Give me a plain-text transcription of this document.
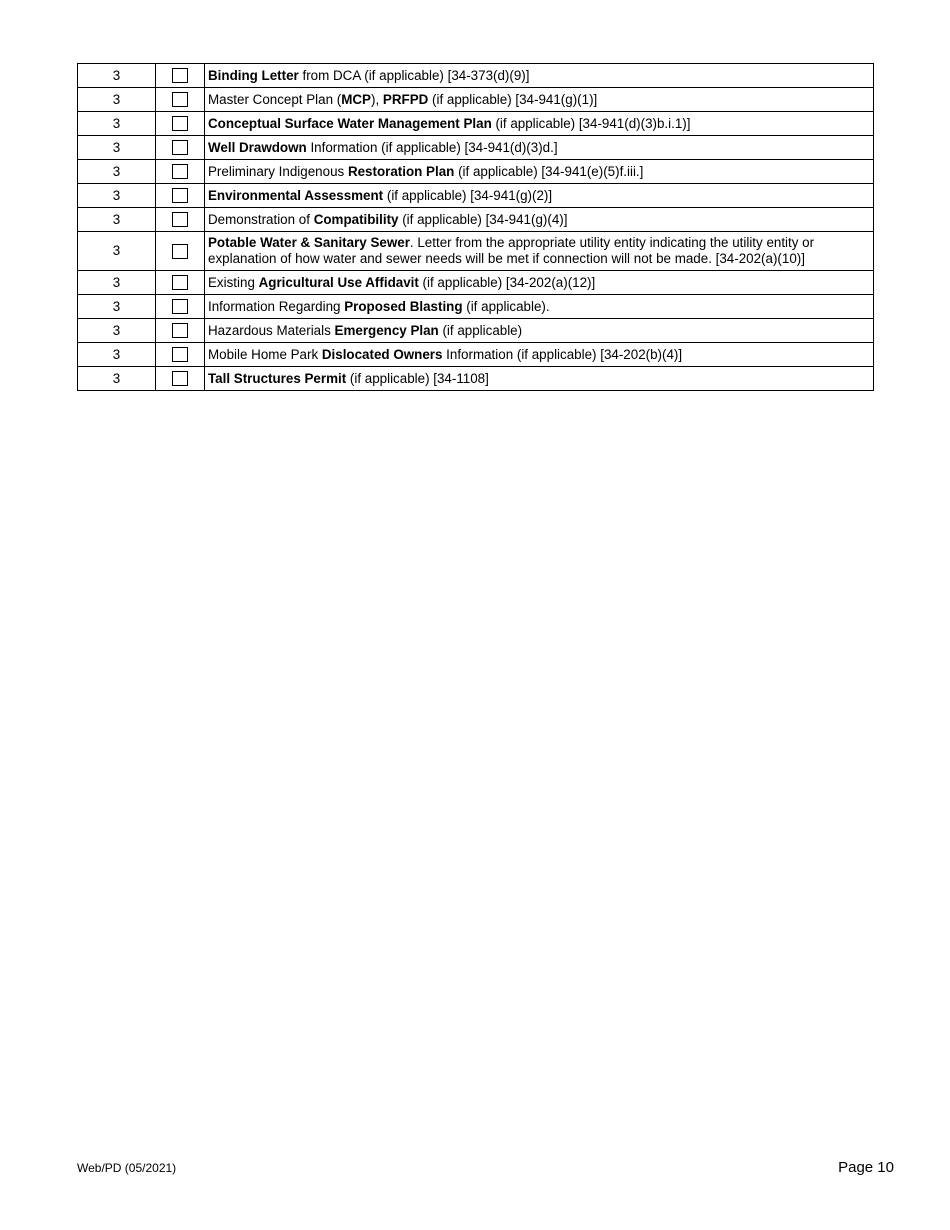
3		Binding Letter from DCA (if applicable) [34-373(d)(9)]
3		Master Concept Plan (MCP), PRFPD (if applicable) [34-941(g)(1)]
3		Conceptual Surface Water Management Plan (if applicable) [34-941(d)(3)b.i.1)]
3		Well Drawdown Information (if applicable) [34-941(d)(3)d.]
3		Preliminary Indigenous Restoration Plan (if applicable) [34-941(e)(5)f.iii.]
3		Environmental Assessment (if applicable) [34-941(g)(2)]
3		Demonstration of Compatibility (if applicable) [34-941(g)(4)]
3		Potable Water & Sanitary Sewer. Letter from the appropriate utility entity indicating the utility entity or explanation of how water and sewer needs will be met if connection will not be made. [34-202(a)(10)]
3		Existing Agricultural Use Affidavit (if applicable) [34-202(a)(12)]
3		Information Regarding Proposed Blasting (if applicable).
3		Hazardous Materials Emergency Plan (if applicable)
3		Mobile Home Park Dislocated Owners Information (if applicable) [34-202(b)(4)]
3		Tall Structures Permit (if applicable) [34-1108]
Web/PD (05/2021)	Page 10
